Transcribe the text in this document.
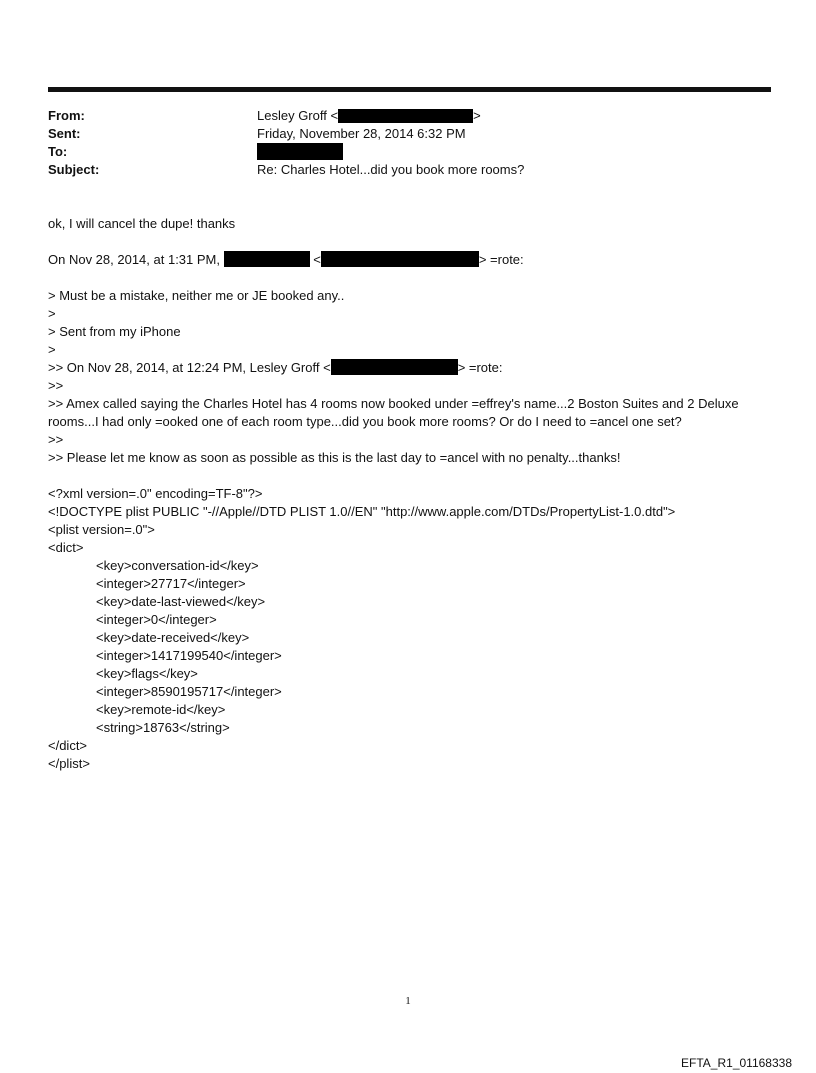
From:	Lesley Groff <	>
Sent:	Friday, November 28, 2014 6:32 PM
To:
Subject:	Re: Charles Hotel...did you book more rooms?
ok, I will cancel the dupe! thanks
On Nov 28, 2014, at 1:31 PM,	<	> =rote:
> Must be a mistake, neither me or JE booked any..
>
> Sent from my iPhone
>
>> On Nov 28, 2014, at 12:24 PM, Lesley Groff <	> =rote:
>>
>> Amex called saying the Charles Hotel has 4 rooms now booked under =effrey's name...2 Boston Suites and 2 Deluxe
rooms...I had only =ooked one of each room type...did you book more rooms? Or do I need to =ancel one set?
>>
>> Please let me know as soon as possible as this is the last day to =ancel with no penalty...thanks!
<?xml version=.0" encoding=TF-8"?>
<!DOCTYPE plist PUBLIC "-//Apple//DTD PLIST 1.0//EN" "http://www.apple.com/DTDs/PropertyList-1.0.dtd">
<plist version=.0">
<dict>
<key>conversation-id</key>
<integer>27717</integer>
<key>date-last-viewed</key>
<integer>0</integer>
<key>date-received</key>
<integer>1417199540</integer>
<key>flags</key>
<integer>8590195717</integer>
<key>remote-id</key>
<string>18763</string>
</dict>
</plist>
1
EFTA_R1_01168338
